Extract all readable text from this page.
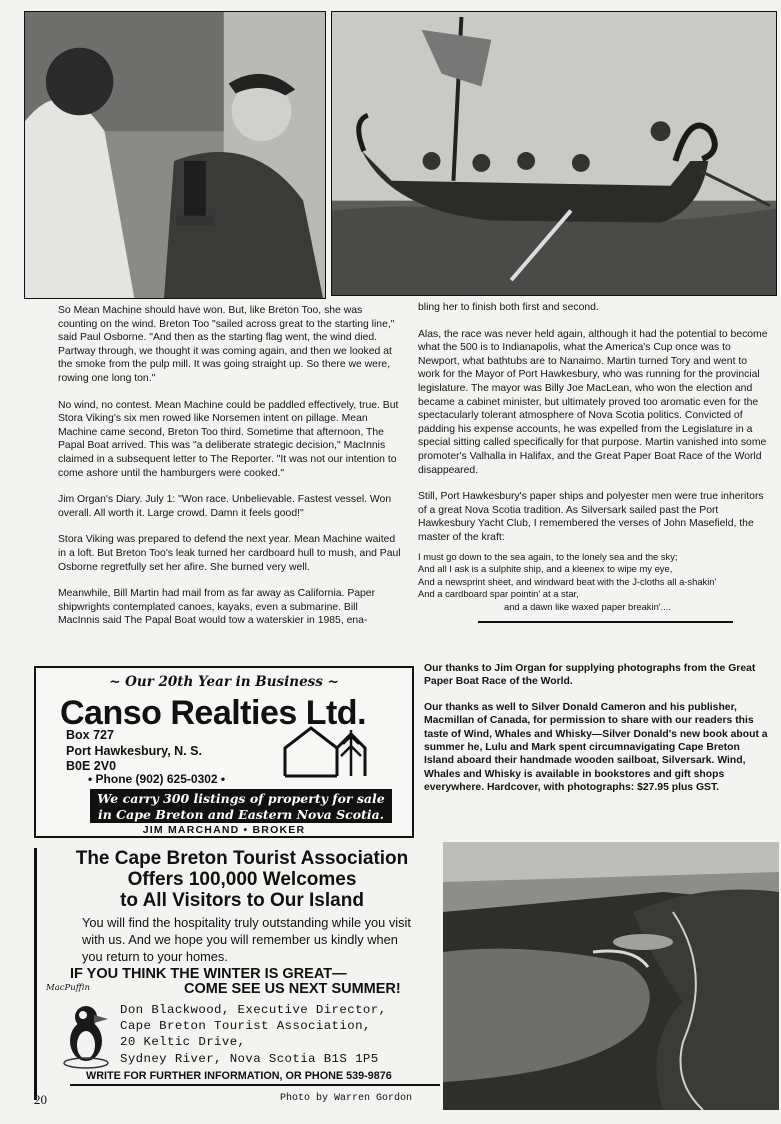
So Mean Machine should have won. But, like Breton Too, she was counting on the wind. Breton Too "sailed across great to the starting line," said Paul Osborne. "And then as the starting flag went, the wind died. Partway through, we thought it was coming again, and then we looked at the smoke from the pulp mill. It was going straight up. So there we were, rowing one long ton."

No wind, no contest. Mean Machine could be paddled effectively, true. But Stora Viking's six men rowed like Norsemen intent on pillage. Mean Machine came second, Breton Too third. Sometime that afternoon, The Papal Boat arrived. This was "a deliberate strategic decision," MacInnis claimed in a subsequent letter to The Reporter. "It was not our intention to come ashore until the hamburgers were cooked."

Jim Organ's Diary. July 1: "Won race. Unbelievable. Fastest vessel. Won overall. All worth it. Large crowd. Damn it feels good!"

Stora Viking was prepared to defend the next year. Mean Machine waited in a loft. But Breton Too's leak turned her cardboard hull to mush, and Paul Osborne regretfully set her afire. She burned very well.

Meanwhile, Bill Martin had mail from as far away as California. Paper shipwrights contemplated canoes, kayaks, even a submarine. Bill MacInnis said The Papal Boat would tow a waterskier in 1985, ena-

bling her to finish both first and second.

Alas, the race was never held again, although it had the potential to become what the 500 is to Indianapolis, what the America's Cup once was to Newport, what bathtubs are to Nanaimo. Martin turned Tory and went to work for the Mayor of Port Hawkesbury, who was running for the provincial legislature. The mayor was Billy Joe MacLean, who won the election and became a cabinet minister, but ultimately proved too aromatic even for the spectacularly tolerant atmosphere of Nova Scotia politics. Convicted of padding his expense accounts, he was expelled from the Legislature in a special sitting called specifically for that purpose. Martin vanished into some promoter's Valhalla in Halifax, and the Great Paper Boat Race of the World disappeared.

Still, Port Hawkesbury's paper ships and polyester men were true inheritors of a great Nova Scotia tradition. As Silversark sailed past the Port Hawkesbury Yacht Club, I remembered the verses of John Masefield, the master of the kraft:

I must go down to the sea again, to the lonely sea and the sky;
And all I ask is a sulphite ship, and a kleenex to wipe my eye,
And a newsprint sheet, and windward beat with the J-cloths all a-shakin'
And a cardboard spar pointin' at a star,
and a dawn like waxed paper breakin'....

Our thanks to Jim Organ for supplying photographs from the Great Paper Boat Race of the World.

Our thanks as well to Silver Donald Cameron and his publisher, Macmillan of Canada, for permission to share with our readers this taste of Wind, Whales and Whisky—Silver Donald's new book about a summer he, Lulu and Mark spent circumnavigating Cape Breton Island aboard their handmade wooden sailboat, Silversark. Wind, Whales and Whisky is available in bookstores and gift shops everywhere. Hardcover, with photographs: $27.95 plus GST.

~ Our 20th Year in Business ~
Canso Realties Ltd.
Box 727
Port Hawkesbury, N. S.
B0E 2V0
• Phone (902) 625-0302 •
We carry 300 listings of property for sale
in Cape Breton and Eastern Nova Scotia.
JIM MARCHAND • BROKER
The Cape Breton Tourist Association
Offers 100,000 Welcomes
to All Visitors to Our Island
You will find the hospitality truly outstanding while you visit with us. And we hope you will remember us kindly when you return to your homes.
IF YOU THINK THE WINTER IS GREAT—
COME SEE US NEXT SUMMER!
MacPuffin
Don Blackwood, Executive Director,
Cape Breton Tourist Association,
20 Keltic Drive,
Sydney River, Nova Scotia B1S 1P5
WRITE FOR FURTHER INFORMATION, OR PHONE 539-9876
20	Photo by Warren Gordon
